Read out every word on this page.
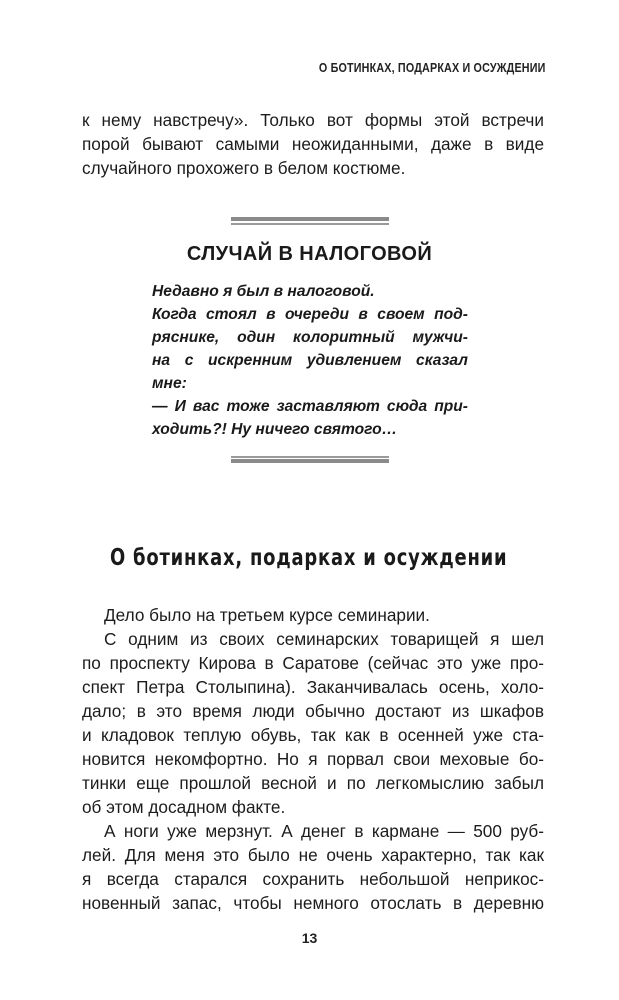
О БОТИНКАХ, ПОДАРКАХ И ОСУЖДЕНИИ
к нему навстречу». Только вот формы этой встречи
порой бывают самыми неожиданными, даже в виде
случайного прохожего в белом костюме.
СЛУЧАЙ В НАЛОГОВОЙ
Недавно я был в налоговой.
Когда стоял в очереди в своем под-
ряснике, один колоритный мужчи-
на с искренним удивлением сказал
мне:
— И вас тоже заставляют сюда при-
ходить?! Ну ничего святого…
О ботинках, подарках и осуждении
Дело было на третьем курсе семинарии.
С одним из своих семинарских товарищей я шел
по проспекту Кирова в Саратове (сейчас это уже про-
спект Петра Столыпина). Заканчивалась осень, холо-
дало; в это время люди обычно достают из шкафов
и кладовок теплую обувь, так как в осенней уже ста-
новится некомфортно. Но я порвал свои меховые бо-
тинки еще прошлой весной и по легкомыслию забыл
об этом досадном факте.
А ноги уже мерзнут. А денег в кармане — 500 руб-
лей. Для меня это было не очень характерно, так как
я всегда старался сохранить небольшой неприкос-
новенный запас, чтобы немного отослать в деревню
13
